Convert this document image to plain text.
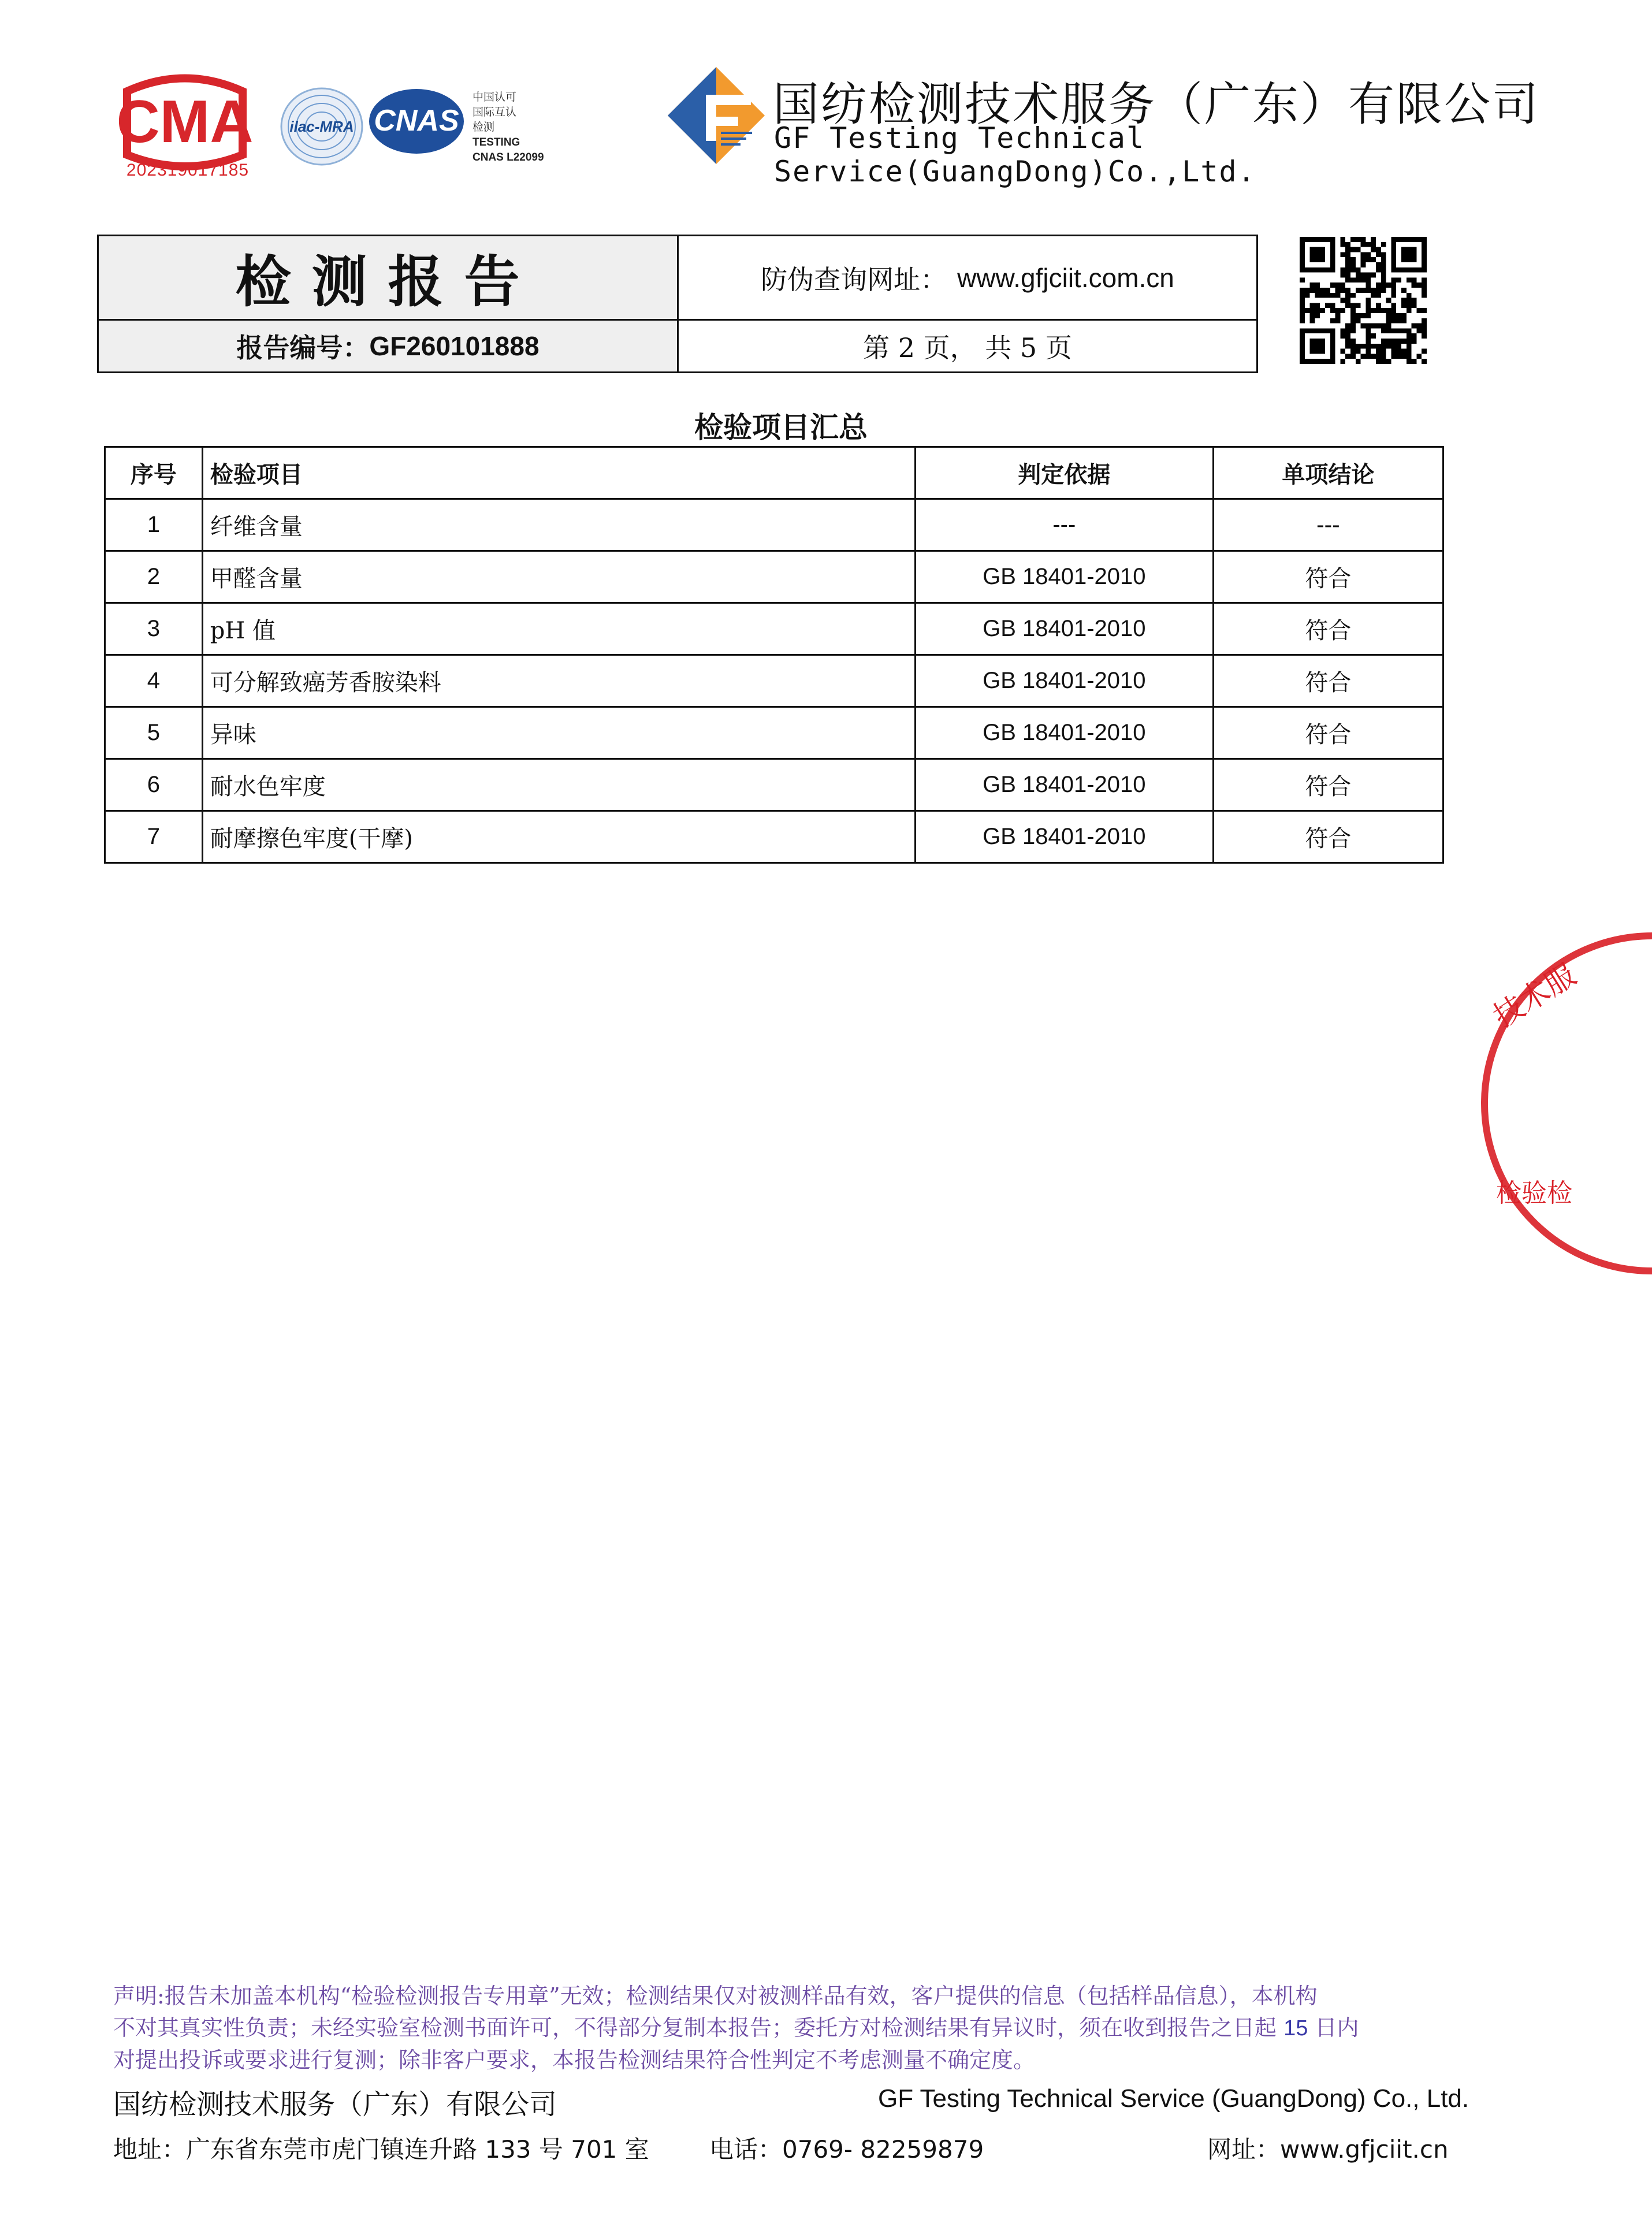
CMA
202319017185
ilac-MRA CNAS
中国认可
国际互认
检测
TESTING
CNAS L22099
国纺检测技术服务（广东）有限公司
GF Testing Technical Service(GuangDong)Co.,Ltd.
检测报告	防伪查询网址： www.gfjciit.com.cn
报告编号： GF260101888	第 2 页， 共 5 页
检验项目汇总
序号	检验项目	判定依据	单项结论
1	纤维含量	---	---
2	甲醛含量	GB 18401-2010	符合
3	pH 值	GB 18401-2010	符合
4	可分解致癌芳香胺染料	GB 18401-2010	符合
5	异味	GB 18401-2010	符合
6	耐水色牢度	GB 18401-2010	符合
7	耐摩擦色牢度(干摩)	GB 18401-2010	符合
技术服
检验检
声明:报告未加盖本机构“检验检测报告专用章”无效；检测结果仅对被测样品有效，客户提供的信息（包括样品信息），本机构
不对其真实性负责；未经实验室检测书面许可，不得部分复制本报告；委托方对检测结果有异议时，须在收到报告之日起 15 日内
对提出投诉或要求进行复测；除非客户要求，本报告检测结果符合性判定不考虑测量不确定度。
国纺检测技术服务（广东）有限公司	GF Testing Technical Service (GuangDong) Co., Ltd.
地址：广东省东莞市虎门镇连升路 133 号 701 室 电话：0769- 82259879	网址：www.gfjciit.cn
